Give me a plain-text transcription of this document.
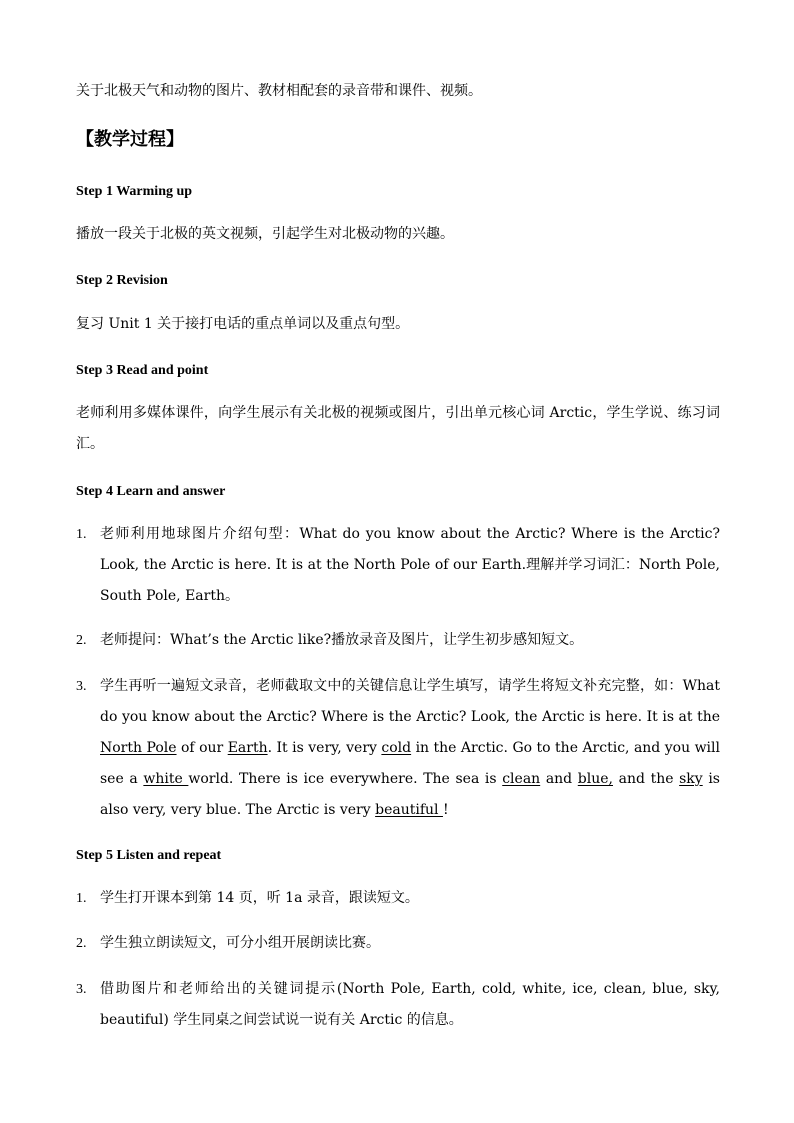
关于北极天气和动物的图片、教材相配套的录音带和课件、视频。
【教学过程】
Step 1 Warming up
播放一段关于北极的英文视频，引起学生对北极动物的兴趣。
Step 2 Revision
复习 Unit 1 关于接打电话的重点单词以及重点句型。
Step 3 Read and point
老师利用多媒体课件，向学生展示有关北极的视频或图片，引出单元核心词 Arctic，学生学说、练习词汇。
Step 4 Learn and answer
1. 老师利用地球图片介绍句型：What do you know about the Arctic? Where is the Arctic? Look, the Arctic is here. It is at the North Pole of our Earth.理解并学习词汇：North Pole, South Pole, Earth。
2. 老师提问：What’s the Arctic like?播放录音及图片，让学生初步感知短文。
3. 学生再听一遍短文录音，老师截取文中的关键信息让学生填写，请学生将短文补充完整，如：What do you know about the Arctic? Where is the Arctic? Look, the Arctic is here. It is at the North Pole of our Earth. It is very, very cold in the Arctic. Go to the Arctic, and you will see a white world. There is ice everywhere. The sea is clean and blue, and the sky is also very, very blue. The Arctic is very beautiful !
Step 5 Listen and repeat
1. 学生打开课本到第 14 页，听 1a 录音，跟读短文。
2. 学生独立朗读短文，可分小组开展朗读比赛。
3. 借助图片和老师给出的关键词提示(North Pole, Earth, cold, white, ice, clean, blue, sky, beautiful) 学生同桌之间尝试说一说有关 Arctic 的信息。
